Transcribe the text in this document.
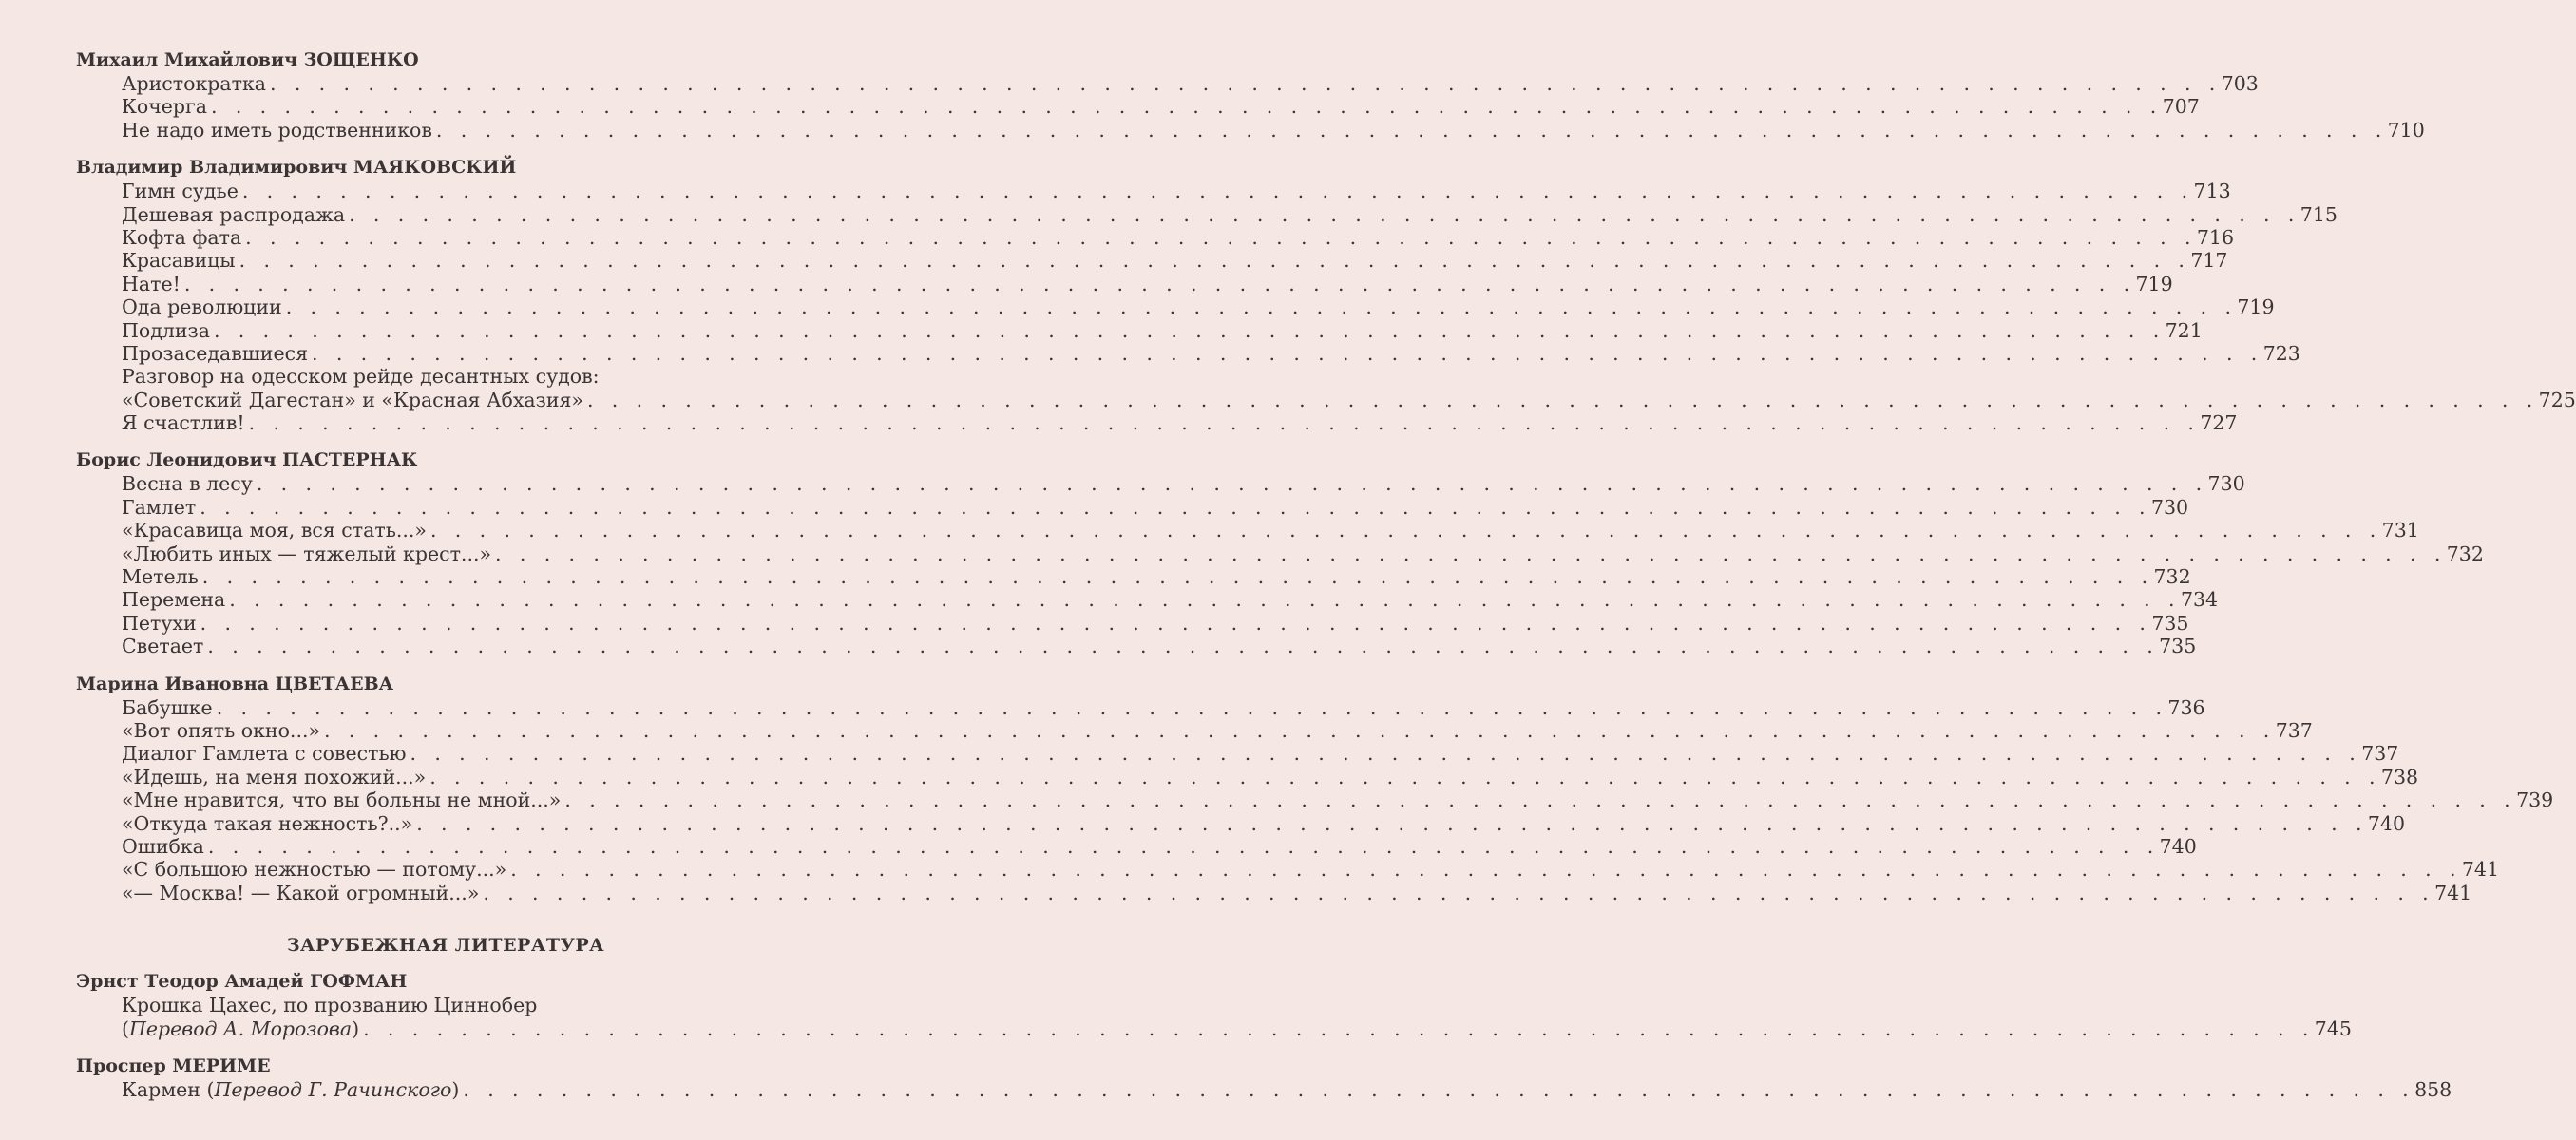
Михаил Михайлович ЗОЩЕНКО
Аристократка . . . . . . . . . . . . . . . . . . . . . . . . . . . . . . . . . . . . . . . . . . . . . . . . . . . . . . . . . . . . . . . . . . . . . . . . . . . . . . . . 703
Кочерга . . . . . . . . . . . . . . . . . . . . . . . . . . . . . . . . . . . . . . . . . . . . . . . . . . . . . . . . . . . . . . . . . . . . . . . . . . . . . . . . 707
Не надо иметь родственников . . . . . . . . . . . . . . . . . . . . . . . . . . . . . . . . . . . . . . . . . . . . . . . . . . . . . . . . . . . . . . . . . . . . . . . . . . . . . . . . 710
Владимир Владимирович МАЯКОВСКИЙ
Гимн судье . . . . . . . . . . . . . . . . . . . . . . . . . . . . . . . . . . . . . . . . . . . . . . . . . . . . . . . . . . . . . . . . . . . . . . . . . . . . . . . . 713
Дешевая распродажа . . . . . . . . . . . . . . . . . . . . . . . . . . . . . . . . . . . . . . . . . . . . . . . . . . . . . . . . . . . . . . . . . . . . . . . . . . . . . . . . 715
Кофта фата . . . . . . . . . . . . . . . . . . . . . . . . . . . . . . . . . . . . . . . . . . . . . . . . . . . . . . . . . . . . . . . . . . . . . . . . . . . . . . . . 716
Красавицы . . . . . . . . . . . . . . . . . . . . . . . . . . . . . . . . . . . . . . . . . . . . . . . . . . . . . . . . . . . . . . . . . . . . . . . . . . . . . . . . 717
Нате! . . . . . . . . . . . . . . . . . . . . . . . . . . . . . . . . . . . . . . . . . . . . . . . . . . . . . . . . . . . . . . . . . . . . . . . . . . . . . . . . 719
Ода революции . . . . . . . . . . . . . . . . . . . . . . . . . . . . . . . . . . . . . . . . . . . . . . . . . . . . . . . . . . . . . . . . . . . . . . . . . . . . . . . . 719
Подлиза . . . . . . . . . . . . . . . . . . . . . . . . . . . . . . . . . . . . . . . . . . . . . . . . . . . . . . . . . . . . . . . . . . . . . . . . . . . . . . . . 721
Прозаседавшиеся . . . . . . . . . . . . . . . . . . . . . . . . . . . . . . . . . . . . . . . . . . . . . . . . . . . . . . . . . . . . . . . . . . . . . . . . . . . . . . . . 723
Разговор на одесском рейде десантных судов:
«Советский Дагестан» и «Красная Абхазия» . . . . . . . . . . . . . . . . . . . . . . . . . . . . . . . . . . . . . . . . . . . . . . . . . . . . . . . . . . . . . . . . . . . . . . . . . . . . . . . . 725
Я счастлив! . . . . . . . . . . . . . . . . . . . . . . . . . . . . . . . . . . . . . . . . . . . . . . . . . . . . . . . . . . . . . . . . . . . . . . . . . . . . . . . . 727
Борис Леонидович ПАСТЕРНАК
Весна в лесу . . . . . . . . . . . . . . . . . . . . . . . . . . . . . . . . . . . . . . . . . . . . . . . . . . . . . . . . . . . . . . . . . . . . . . . . . . . . . . . . 730
Гамлет . . . . . . . . . . . . . . . . . . . . . . . . . . . . . . . . . . . . . . . . . . . . . . . . . . . . . . . . . . . . . . . . . . . . . . . . . . . . . . . . 730
«Красавица моя, вся стать...» . . . . . . . . . . . . . . . . . . . . . . . . . . . . . . . . . . . . . . . . . . . . . . . . . . . . . . . . . . . . . . . . . . . . . . . . . . . . . . . . 731
«Любить иных — тяжелый крест...» . . . . . . . . . . . . . . . . . . . . . . . . . . . . . . . . . . . . . . . . . . . . . . . . . . . . . . . . . . . . . . . . . . . . . . . . . . . . . . . . 732
Метель . . . . . . . . . . . . . . . . . . . . . . . . . . . . . . . . . . . . . . . . . . . . . . . . . . . . . . . . . . . . . . . . . . . . . . . . . . . . . . . . 732
Перемена . . . . . . . . . . . . . . . . . . . . . . . . . . . . . . . . . . . . . . . . . . . . . . . . . . . . . . . . . . . . . . . . . . . . . . . . . . . . . . . . 734
Петухи . . . . . . . . . . . . . . . . . . . . . . . . . . . . . . . . . . . . . . . . . . . . . . . . . . . . . . . . . . . . . . . . . . . . . . . . . . . . . . . . 735
Светает . . . . . . . . . . . . . . . . . . . . . . . . . . . . . . . . . . . . . . . . . . . . . . . . . . . . . . . . . . . . . . . . . . . . . . . . . . . . . . . . 735
Марина Ивановна ЦВЕТАЕВА
Бабушке . . . . . . . . . . . . . . . . . . . . . . . . . . . . . . . . . . . . . . . . . . . . . . . . . . . . . . . . . . . . . . . . . . . . . . . . . . . . . . . . 736
«Вот опять окно...» . . . . . . . . . . . . . . . . . . . . . . . . . . . . . . . . . . . . . . . . . . . . . . . . . . . . . . . . . . . . . . . . . . . . . . . . . . . . . . . . 737
Диалог Гамлета с совестью . . . . . . . . . . . . . . . . . . . . . . . . . . . . . . . . . . . . . . . . . . . . . . . . . . . . . . . . . . . . . . . . . . . . . . . . . . . . . . . . 737
«Идешь, на меня похожий...» . . . . . . . . . . . . . . . . . . . . . . . . . . . . . . . . . . . . . . . . . . . . . . . . . . . . . . . . . . . . . . . . . . . . . . . . . . . . . . . . 738
«Мне нравится, что вы больны не мной...» . . . . . . . . . . . . . . . . . . . . . . . . . . . . . . . . . . . . . . . . . . . . . . . . . . . . . . . . . . . . . . . . . . . . . . . . . . . . . . . . 739
«Откуда такая нежность?..» . . . . . . . . . . . . . . . . . . . . . . . . . . . . . . . . . . . . . . . . . . . . . . . . . . . . . . . . . . . . . . . . . . . . . . . . . . . . . . . . 740
Ошибка . . . . . . . . . . . . . . . . . . . . . . . . . . . . . . . . . . . . . . . . . . . . . . . . . . . . . . . . . . . . . . . . . . . . . . . . . . . . . . . . 740
«С большою нежностью — потому...» . . . . . . . . . . . . . . . . . . . . . . . . . . . . . . . . . . . . . . . . . . . . . . . . . . . . . . . . . . . . . . . . . . . . . . . . . . . . . . . . 741
«— Москва! — Какой огромный...» . . . . . . . . . . . . . . . . . . . . . . . . . . . . . . . . . . . . . . . . . . . . . . . . . . . . . . . . . . . . . . . . . . . . . . . . . . . . . . . . 741
ЗАРУБЕЖНАЯ ЛИТЕРАТУРА
Эрнст Теодор Амадей ГОФМАН
Крошка Цахес, по прозванию Циннобер
(Перевод А. Морозова) . . . . . . . . . . . . . . . . . . . . . . . . . . . . . . . . . . . . . . . . . . . . . . . . . . . . . . . . . . . . . . . . . . . . . . . . . . . . . . . . 745
Проспер МЕРИМЕ
Кармен (Перевод Г. Рачинского) . . . . . . . . . . . . . . . . . . . . . . . . . . . . . . . . . . . . . . . . . . . . . . . . . . . . . . . . . . . . . . . . . . . . . . . . . . . . . . . . 858
